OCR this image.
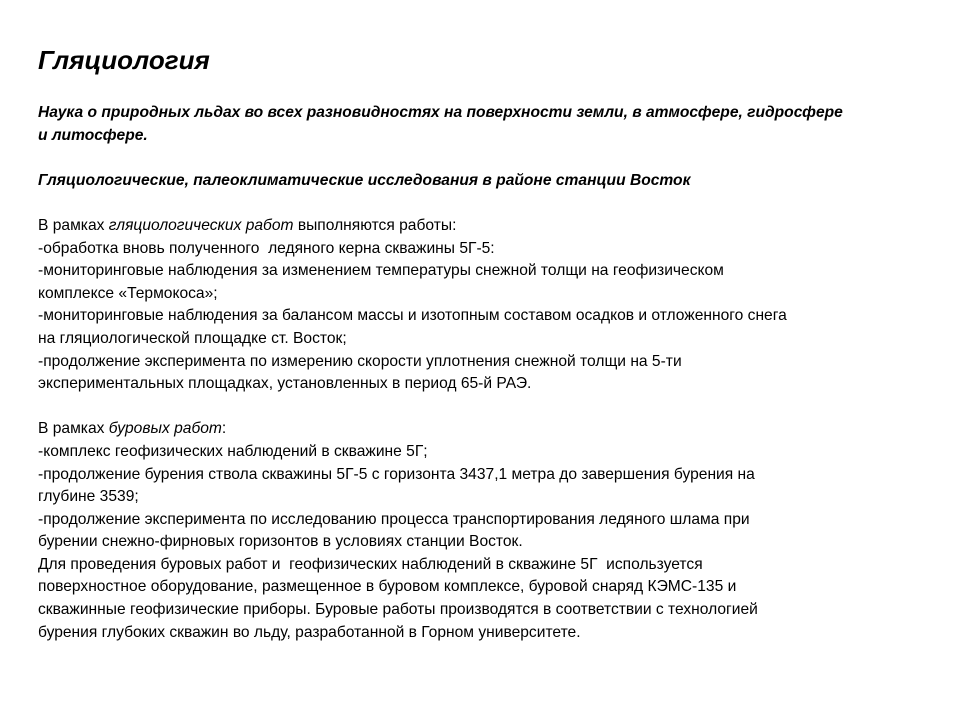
Гляциология
Наука о природных льдах во всех разновидностях на поверхности земли, в атмосфере, гидросфере
и литосфере.
Гляциологические, палеоклиматические исследования в районе станции Восток
В рамках гляциологических работ выполняются работы:
-обработка вновь полученного  ледяного керна скважины 5Г-5:
-мониторинговые наблюдения за изменением температуры снежной толщи на геофизическом
комплексе «Термокоса»;
-мониторинговые наблюдения за балансом массы и изотопным составом осадков и отложенного снега
на гляциологической площадке ст. Восток;
-продолжение эксперимента по измерению скорости уплотнения снежной толщи на 5-ти
экспериментальных площадках, установленных в период 65-й РАЭ.
В рамках буровых работ:
-комплекс геофизических наблюдений в скважине 5Г;
-продолжение бурения ствола скважины 5Г-5 с горизонта 3437,1 метра до завершения бурения на
глубине 3539;
-продолжение эксперимента по исследованию процесса транспортирования ледяного шлама при
бурении снежно-фирновых горизонтов в условиях станции Восток.
Для проведения буровых работ и  геофизических наблюдений в скважине 5Г  используется
поверхностное оборудование, размещенное в буровом комплексе, буровой снаряд КЭМС-135 и
скважинные геофизические приборы. Буровые работы производятся в соответствии с технологией
бурения глубоких скважин во льду, разработанной в Горном университете.
